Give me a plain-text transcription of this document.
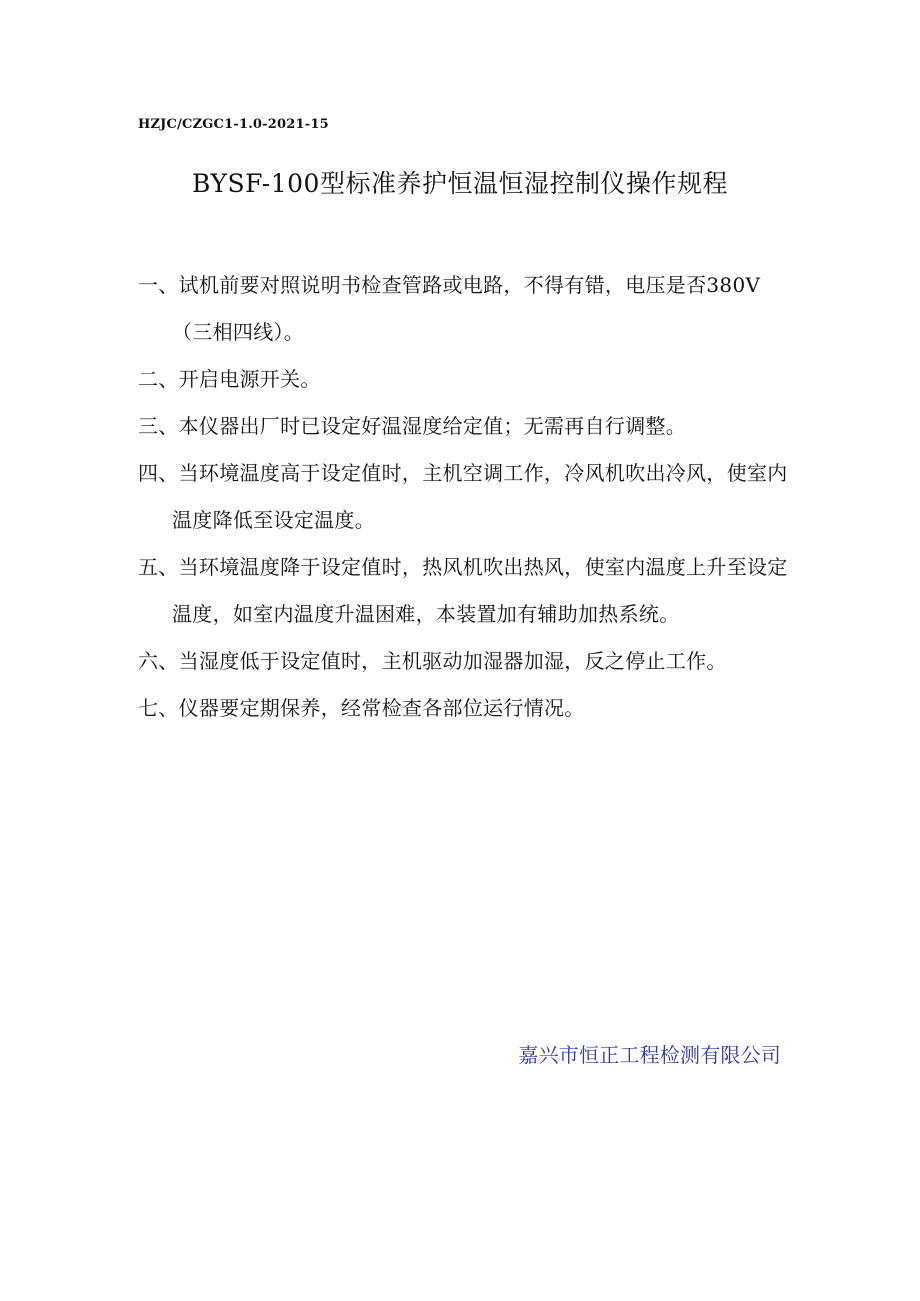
HZJC/CZGC1-1.0-2021-15
BYSF-100型标准养护恒温恒湿控制仪操作规程
一、试机前要对照说明书检查管路或电路，不得有错，电压是否380V（三相四线）。
二、开启电源开关。
三、本仪器出厂时已设定好温湿度给定值；无需再自行调整。
四、当环境温度高于设定值时，主机空调工作，冷风机吹出冷风，使室内温度降低至设定温度。
五、当环境温度降于设定值时，热风机吹出热风，使室内温度上升至设定温度，如室内温度升温困难，本装置加有辅助加热系统。
六、当湿度低于设定值时，主机驱动加湿器加湿，反之停止工作。
七、仪器要定期保养，经常检查各部位运行情况。
嘉兴市恒正工程检测有限公司
